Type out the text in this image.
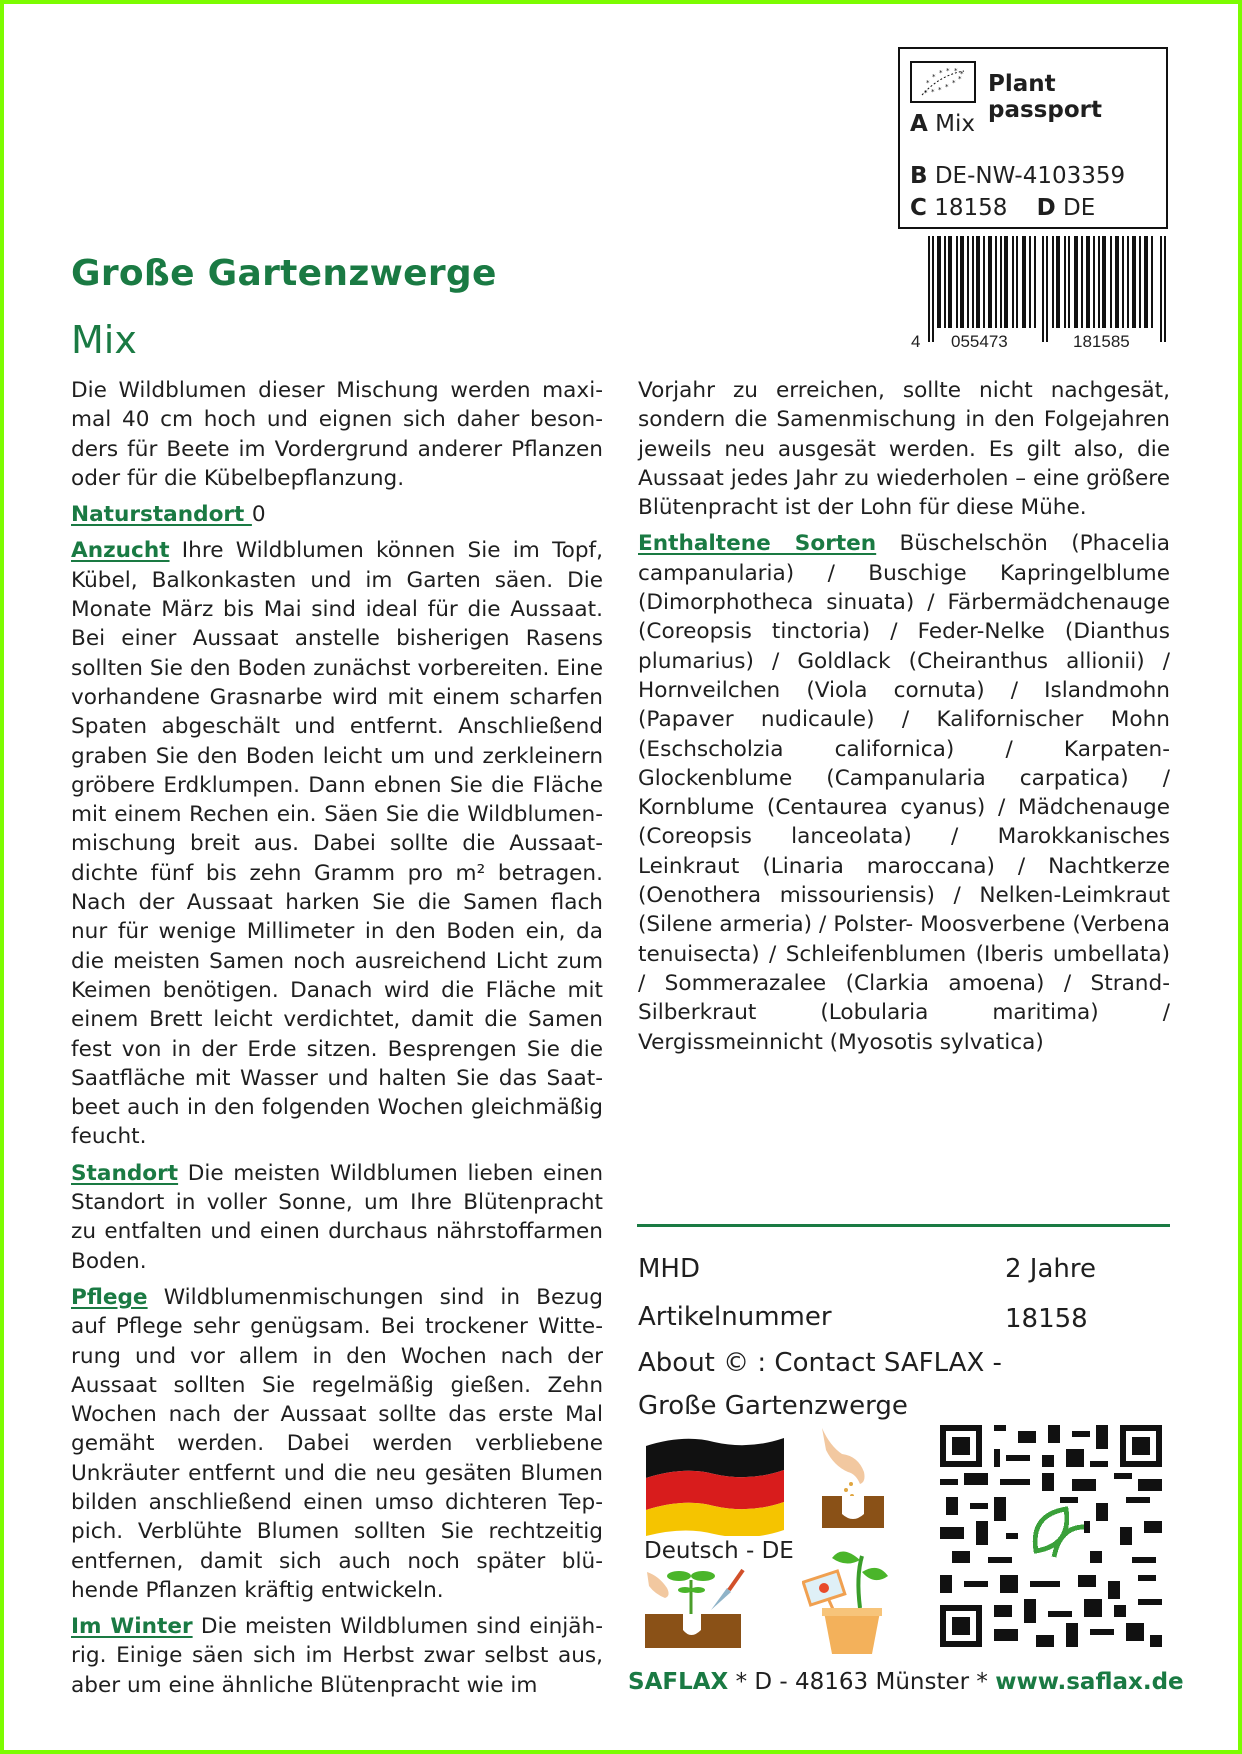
Große Gartenzwerge
Mix
*
* * * * *
* * * * * * Plant passport
A Mix
B DE-NW-4103359
C 18158 D DE
4 055473	181585

Die Wildblumen dieser Mischung werden maximal 40 cm hoch und eignen sich daher besonders für Beete im Vordergrund anderer Pflanzen oder für die Kübelbepflanzung.

Naturstandort 0

Anzucht Ihre Wildblumen können Sie im Topf, Kübel, Balkonkasten und im Garten säen. Die Monate März bis Mai sind ideal für die Aussaat. Bei einer Aussaat anstelle bisherigen Rasens sollten Sie den Boden zunächst vorbereiten. Eine vorhandene Grasnarbe wird mit einem scharfen Spaten abgeschält und entfernt. Anschließend graben Sie den Boden leicht um und zerkleinern gröbere Erdklumpen. Dann ebnen Sie die Fläche mit einem Rechen ein. Säen Sie die Wildblumenmischung breit aus. Dabei sollte die Aussaatdichte fünf bis zehn Gramm pro m² betragen. Nach der Aussaat harken Sie die Samen flach nur für wenige Millimeter in den Boden ein, da die meisten Samen noch ausreichend Licht zum Keimen benötigen. Danach wird die Fläche mit einem Brett leicht verdichtet, damit die Samen fest von in der Erde sitzen. Besprengen Sie die Saatfläche mit Wasser und halten Sie das Saatbeet auch in den folgenden Wochen gleichmäßig feucht.

Standort Die meisten Wildblumen lieben einen Standort in voller Sonne, um Ihre Blütenpracht zu entfalten und einen durchaus nährstoffarmen Boden.

Pflege Wildblumenmischungen sind in Bezug auf Pflege sehr genügsam. Bei trockener Witterung und vor allem in den Wochen nach der Aussaat sollten Sie regelmäßig gießen. Zehn Wochen nach der Aussaat sollte das erste Mal gemäht werden. Dabei werden verbliebene Unkräuter entfernt und die neu gesäten Blumen bilden anschließend einen umso dichteren Teppich. Verblühte Blumen sollten Sie rechtzeitig entfernen, damit sich auch noch später blühende Pflanzen kräftig entwickeln.

Im Winter Die meisten Wildblumen sind einjährig. Einige säen sich im Herbst zwar selbst aus, aber um eine ähnliche Blütenpracht wie im

Vorjahr zu erreichen, sollte nicht nachgesät, sondern die Samenmischung in den Folgejahren jeweils neu ausgesät werden. Es gilt also, die Aussaat jedes Jahr zu wiederholen – eine größere Blütenpracht ist der Lohn für diese Mühe.

Enthaltene Sorten Büschelschön (Phacelia campanularia) / Buschige Kapringelblume (Dimorphotheca sinuata) / Färbermädchenauge (Coreopsis tinctoria) / Feder-Nelke (Dianthus plumarius) / Goldlack (Cheiranthus allionii) / Hornveilchen (Viola cornuta) / Islandmohn (Papaver nudicaule) / Kalifornischer Mohn (Eschscholzia californica) / Karpaten-Glockenblume (Campanularia carpatica) / Kornblume (Centaurea cyanus) / Mädchenauge (Coreopsis lanceolata) / Marokkanisches Leinkraut (Linaria maroccana) / Nachtkerze (Oenothera missouriensis) / Nelken-Leimkraut (Silene armeria) / Polster- Moosverbene (Verbena tenuisecta) / Schleifenblumen (Iberis umbellata) / Sommerazalee (Clarkia amoena) / Strand-Silberkraut (Lobularia maritima) / Vergissmeinnicht (Myosotis sylvatica)

MHD	2 Jahre
Artikelnummer	18158
About © : Contact SAFLAX -
Große Gartenzwerge
Deutsch - DE
SAFLAX * D - 48163 Münster * www.saflax.de
